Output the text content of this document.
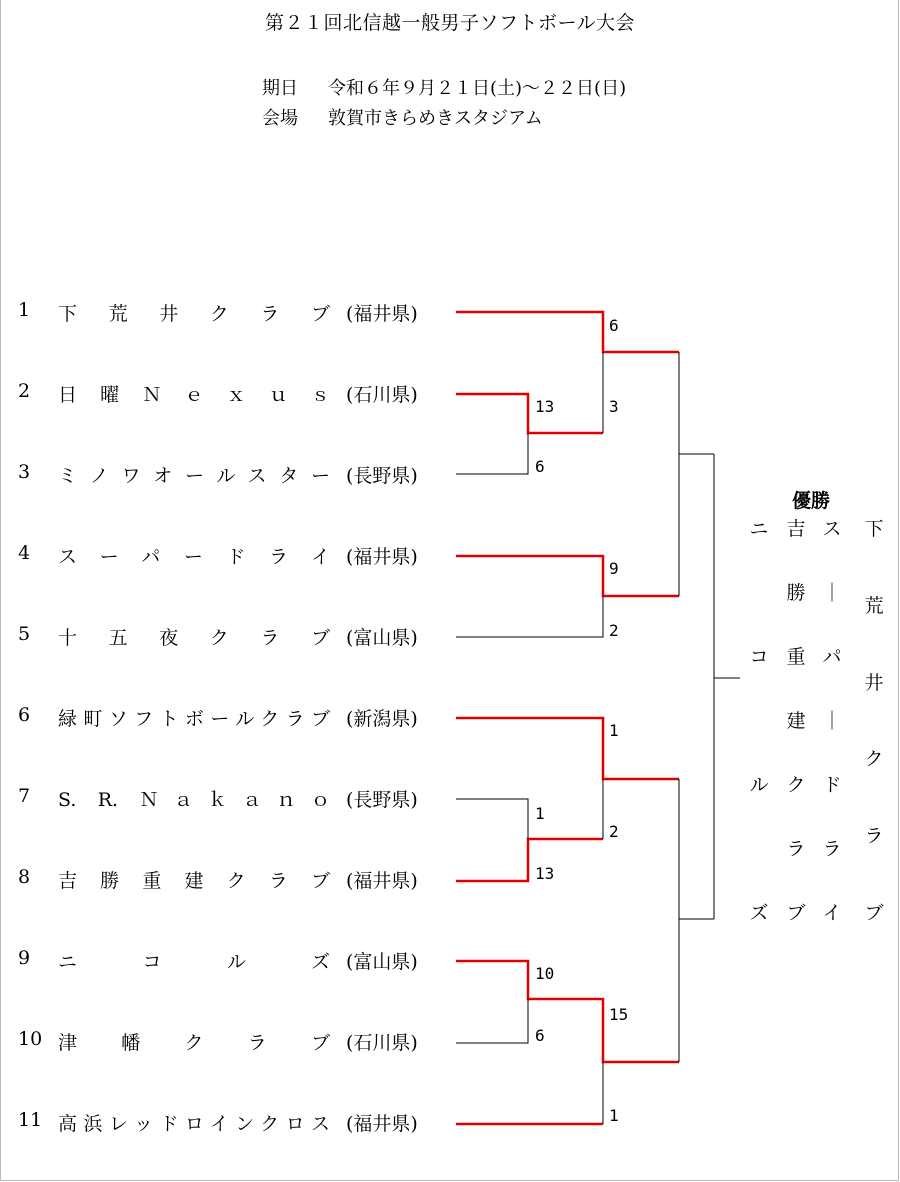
第２１回北信越一般男子ソフトボール大会
期日 令和６年９月２１日(土)～２２日(日)
会場 敦賀市きらめきスタジアム
1	下荒井クラブ (福井県)
2	日曜Ｎｅｘｕｓ (石川県)
3	ミノワオールスター (長野県)
4	スーパードライ (福井県)
5	十五夜クラブ (富山県)
6	緑町ソフトボールクラブ (新潟県)
7	S. R. Ｎａｋａｎｏ (長野県)
8	吉勝重建クラブ (福井県)
9	ニコルズ (富山県)
10 津幡クラブ (石川県)
11 高浜レッドロインクロス (福井県)
13
6
6
3
9
2
1
2
1
13
10
6
15
1
優勝
ニ
コ
ル
ズ
吉
勝
重
建
ク
ラ
ブ
ス
｜
パ
｜
ド
ラ
イ
下
荒
井
ク
ラ
ブ
